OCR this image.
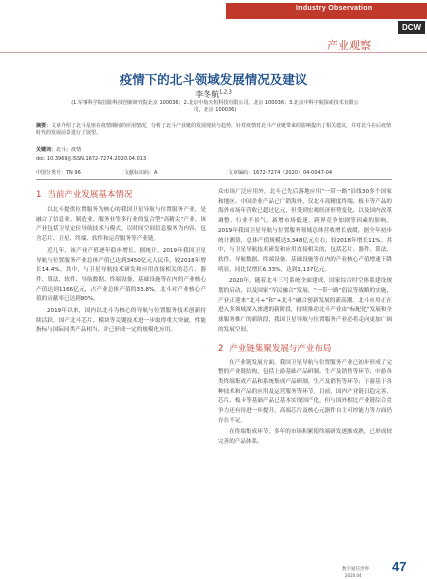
Industry Observation
DCW
产业观察
疫情下的北斗领域发展情况及建议
李冬航$^{1,2,3}$
(1.军事科学院国防科技创新研究院北京 100036；2.北京中航天恒科技有限公司，北京 100036；3.北京中科宇航探索技术有限公司，北京 100036)
摘要：文章介绍了北斗星座在疫情期间的应用情况，分析了北斗产业链的发展现状与趋势，针对疫情对北斗产业链带来的影响提出了相关建议，并对北斗在后疫情时代的发展前景进行了展望。
关键词：北斗；疫情
doi: 10.3969/J.ISSN.1672-7274.2020.04.013
中图分类号：TN 96	文献标识码：A	文章编码：1672-7274（2020）04-0047-04
1 当前产业发展基本情况
以北斗提供位置服务为核心的我国卫星导航与位置服务产业，是融合了信息业、制造业、服务业等多行业的复合型“高精尖”产业。该产业包括卫星定位导航技术与模式、以时间空间信息服务为内容，包含芯片、卫星、终端、软件和运营服务等产业链。
近几年，该产业产值逐年稳步增长。据统计，2019年我国卫星导航与位置服务产业总体产值已达到3450亿元人民币，较2018年增长14.4%。其中，与卫星导航技术研发和应用直接相关的芯片、器件、算法、软件、导航数据、终端设备、基础设施等在内的产业核心产值达到1166亿元，占产业总体产值的33.8%。北斗对产业核心产值的贡献率已达到80%。
2019年以来，国内以北斗为核心的导航与位置服务技术创新持续活跃。国产北斗芯片、模块等关键技术进一步取得重大突破，性能指标与国际同类产品相当，并已形成一定的规模化应用。
众市场广泛应用外，北斗已先后落地应用“一带一路”沿线30多个国家和地区。中国企业产品已广销海外，仅北斗高精度终端、板卡等产品的海外市场年营收已超过亿元，但受到宏观经济形势变化、以及国内改革调整、行业不景气、新增市场低迷，跨界竞争加剧等因素的影响。2019年我国卫星导航与位置服务领域总体营收增长放缓，据全年初步统计测算，总体产值规模达3,348亿元左右，较2018年增长11%。其中，与卫星导航技术研发和应用直接相关的，包括芯片、器件、算法、软件、导航数据、终端设备、基础设施等在内的产业核心产值增速下降明显，同比仅增长6.33%，达到1,137亿元。
2020年，随着北斗三号系统全面建成，国家综合时空体系建设规划的启动，以及国家“军民融合”发展、“一带一路”倡议等战略的实施，产业正迎来“北斗+”和“+北斗”融合创新发展的新高潮。北斗应用正在进入多领域深入渗透的新阶段，持续推动北斗产业由“标配化”发展和全球服务推广的新阶段，我国卫星导航与位置服务产业必将走向更加广阔的发展空间。
2 产业链集聚发展与产业布局
在产业链发展方面，我国卫星导航与位置服务产业已初步形成了完整的产业链结构，包括上游基础产品研制、生产及销售等环节；中游各类终端集成产品和系统集成产品研制、生产及销售等环节；下游基于各种技术和产品的应用及运营服务等环节。目前，国内产业链日趋完善，芯片、板卡等基础产品已基本实现国产化。但与国外相比产业链综合竞争力还有待进一步提升，高端芯片及核心元器件自主可控能力等方面仍存在不足。
在终端集成环节，多年的市场积累使终端研发逐渐成熟，已形成较完善的产品体系。
数字通信世界
2020.04
47
